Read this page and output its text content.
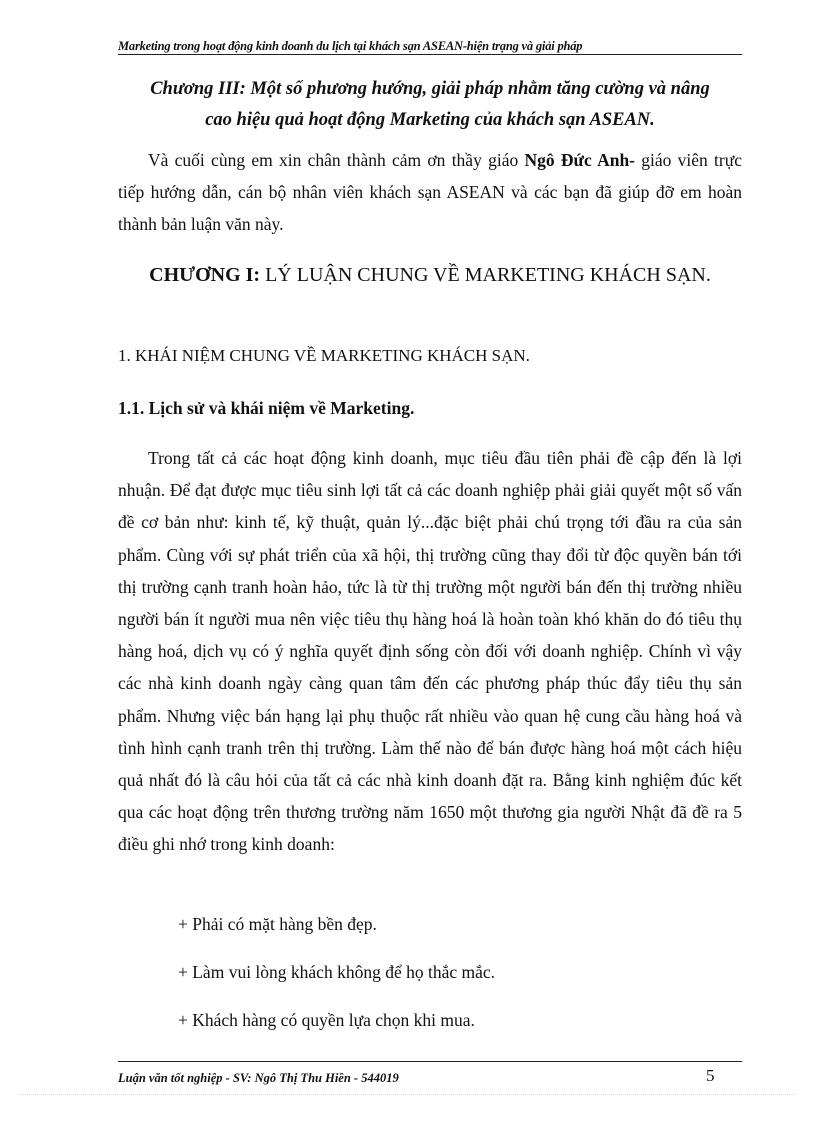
Marketing trong hoạt động kinh doanh du lịch tại khách sạn ASEAN-hiện trạng và giải pháp
Chương III: Một số phương hướng, giải pháp nhằm tăng cường và nâng
cao hiệu quả hoạt động Marketing của khách sạn ASEAN.

Và cuối cùng em xin chân thành cảm ơn thầy giáo Ngô Đức Anh- giáo viên trực tiếp hướng dẫn, cán bộ nhân viên khách sạn ASEAN và các bạn đã giúp đỡ em hoàn thành bản luận văn này.

CHƯƠNG I: LÝ LUẬN CHUNG VỀ MARKETING KHÁCH SẠN.
1. KHÁI NIỆM CHUNG VỀ MARKETING KHÁCH SẠN.
1.1. Lịch sử và khái niệm về Marketing.

Trong tất cả các hoạt động kinh doanh, mục tiêu đầu tiên phải đề cập đến là lợi nhuận. Để đạt được mục tiêu sinh lợi tất cả các doanh nghiệp phải giải quyết một số vấn đề cơ bản như: kinh tế, kỹ thuật, quản lý...đặc biệt phải chú trọng tới đầu ra của sản phẩm. Cùng với sự phát triển của xã hội, thị trường cũng thay đổi từ độc quyền bán tới thị trường cạnh tranh hoàn hảo, tức là từ thị trường một người bán đến thị trường nhiều người bán ít người mua nên việc tiêu thụ hàng hoá là hoàn toàn khó khăn do đó tiêu thụ hàng hoá, dịch vụ có ý nghĩa quyết định sống còn đối với doanh nghiệp. Chính vì vậy các nhà kinh doanh ngày càng quan tâm đến các phương pháp thúc đẩy tiêu thụ sản phẩm. Nhưng việc bán hạng lại phụ thuộc rất nhiều vào quan hệ cung cầu hàng hoá và tình hình cạnh tranh trên thị trường. Làm thế nào để bán được hàng hoá một cách hiệu quả nhất đó là câu hỏi của tất cả các nhà kinh doanh đặt ra. Bằng kinh nghiệm đúc kết qua các hoạt động trên thương trường năm 1650 một thương gia người Nhật đã đề ra 5 điều ghi nhớ trong kinh doanh:

+ Phải có mặt hàng bền đẹp.
+ Làm vui lòng khách không để họ thắc mắc.
+ Khách hàng có quyền lựa chọn khi mua.
Luận văn tốt nghiệp - SV: Ngô Thị Thu Hiền - 544019	5
